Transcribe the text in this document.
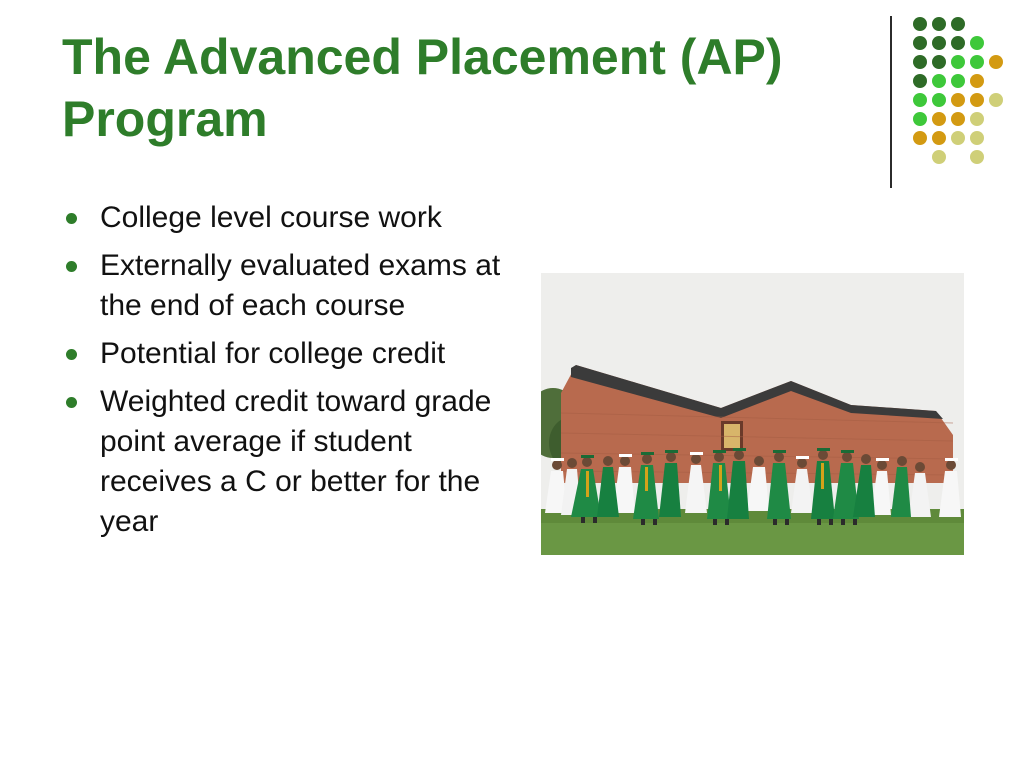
The Advanced Placement (AP) Program
College level course work
Externally evaluated exams at the end of each course
Potential for college credit
Weighted credit toward grade point average if student receives a C or better for the year
